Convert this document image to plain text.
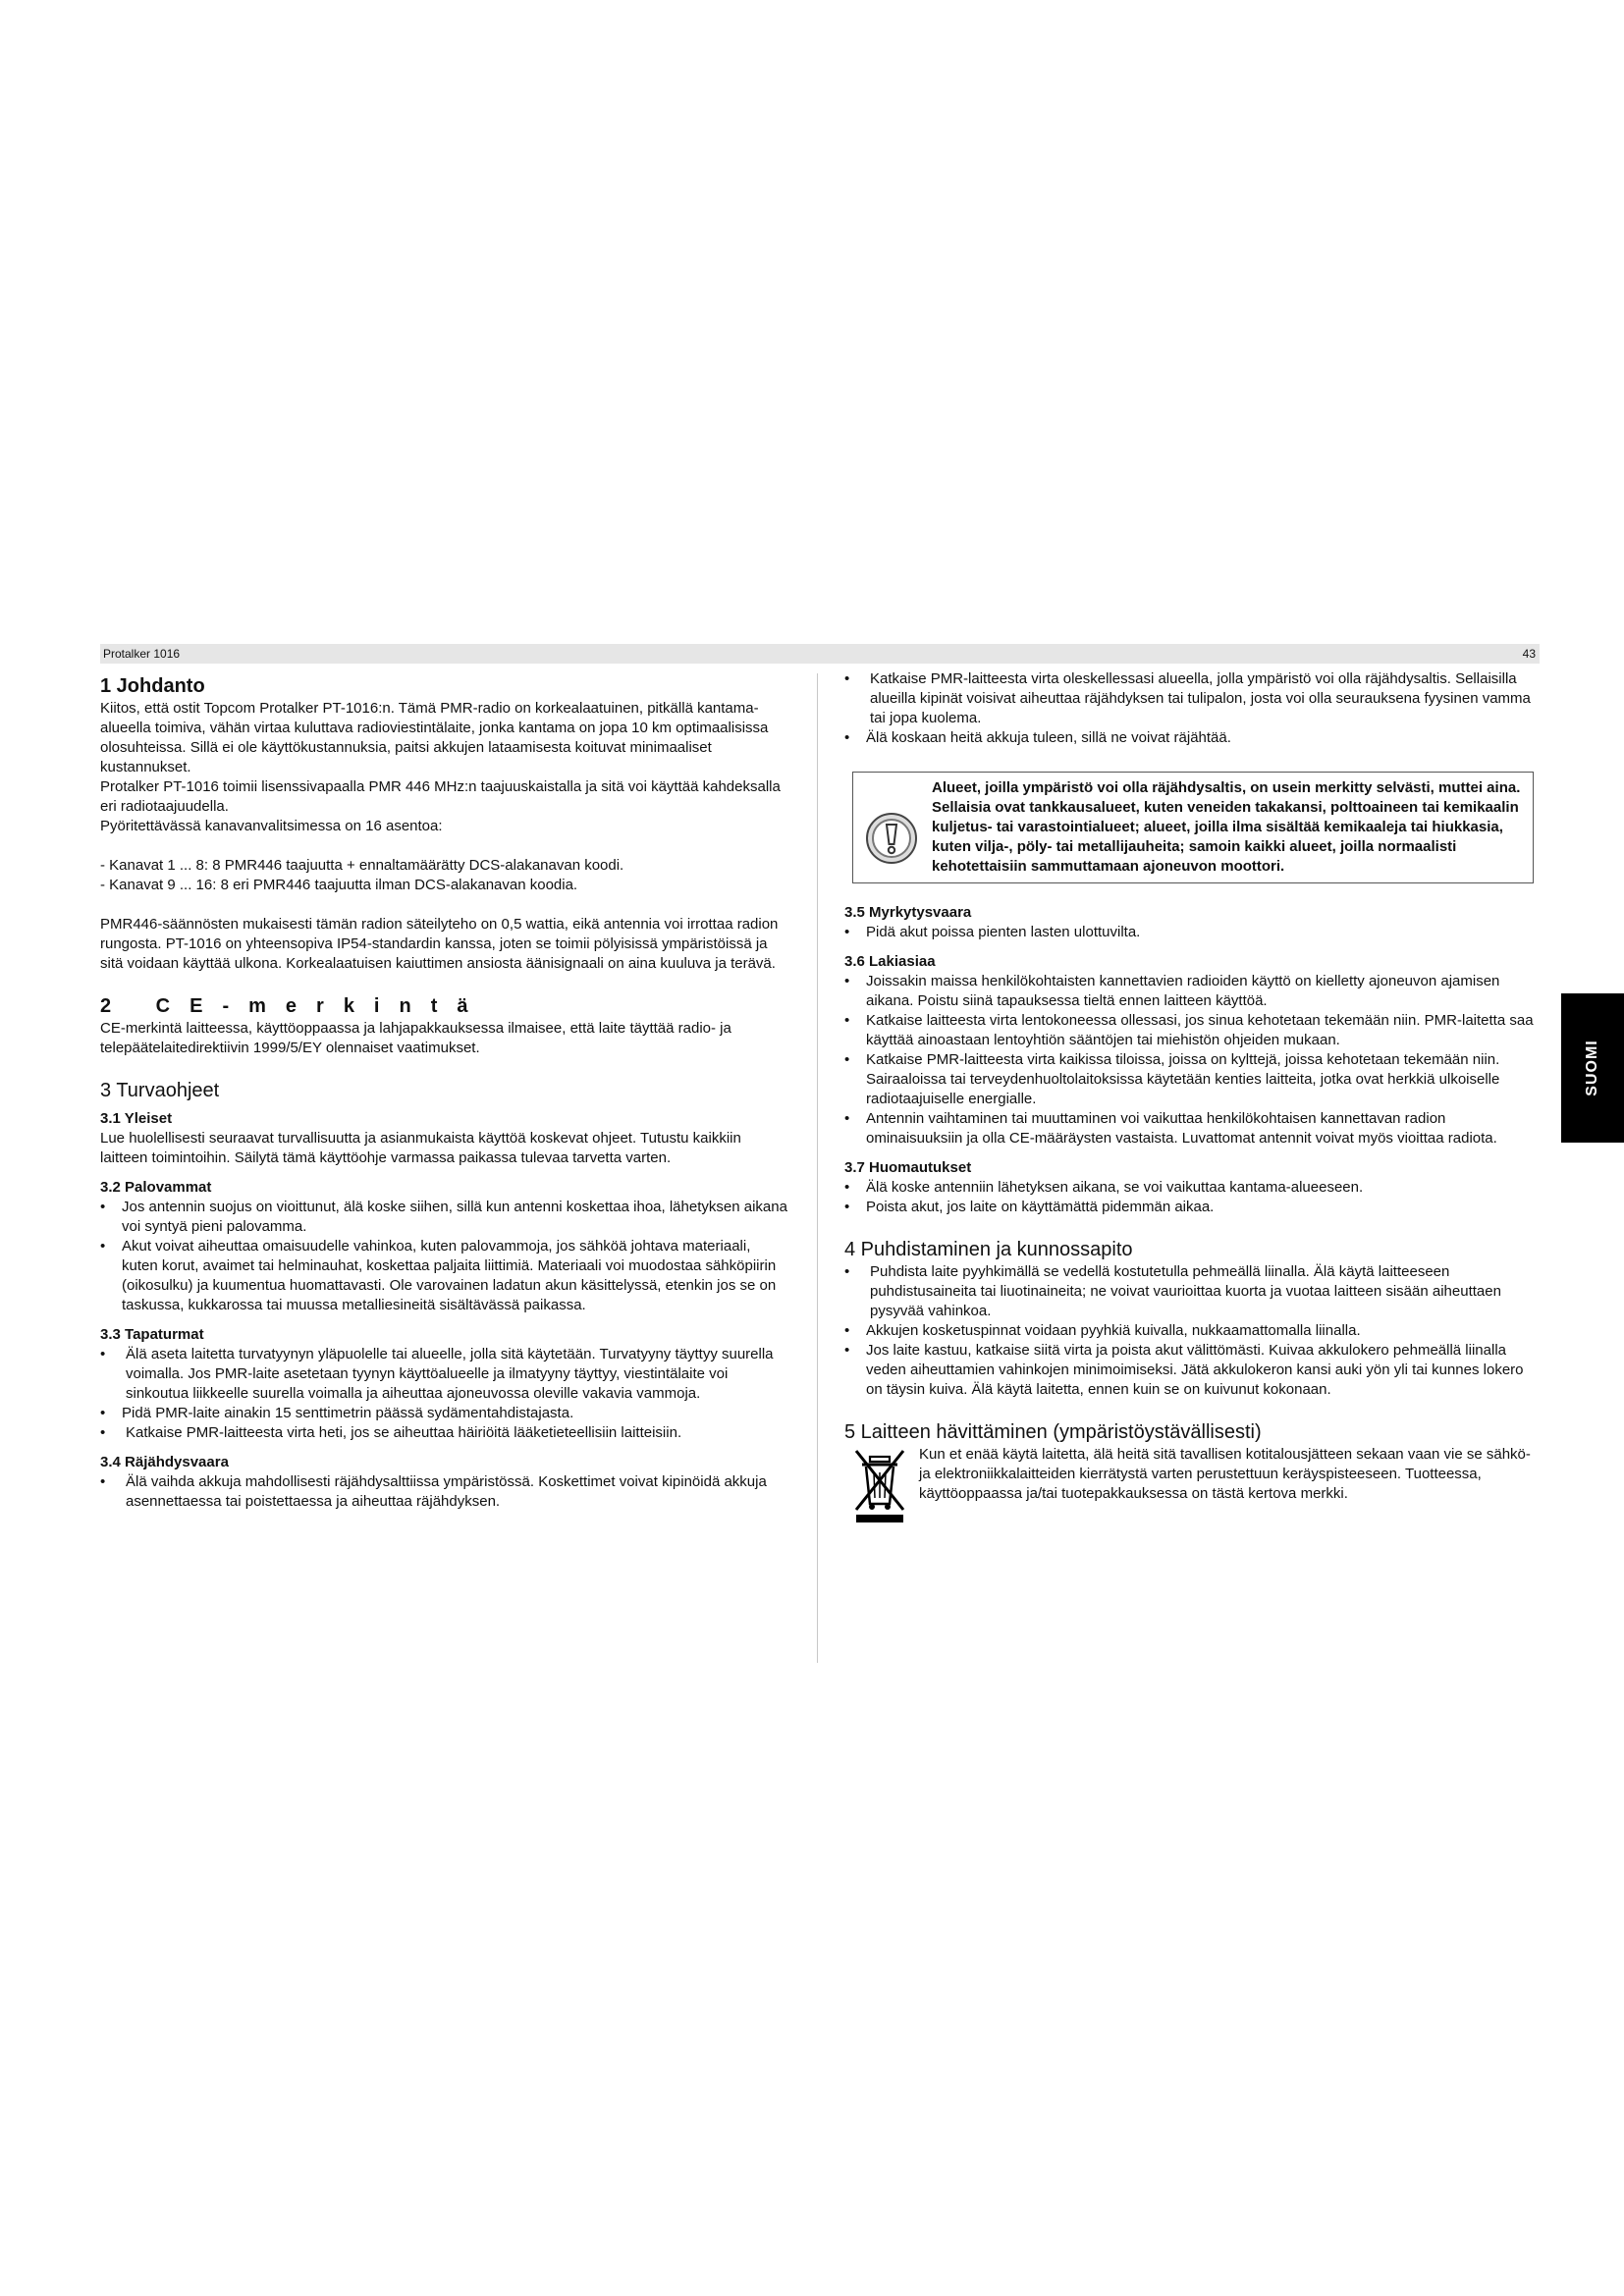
Protalker 1016	43
1 Johdanto

Kiitos, että ostit Topcom Protalker PT-1016:n. Tämä PMR-radio on korkealaatuinen, pitkällä kantama-alueella toimiva, vähän virtaa kuluttava radioviestintälaite, jonka kantama on jopa 10 km optimaalisissa olosuhteissa. Sillä ei ole käyttökustannuksia, paitsi akkujen lataamisesta koituvat minimaaliset kustannukset.

Protalker PT-1016 toimii lisenssivapaalla PMR 446 MHz:n taajuuskaistalla ja sitä voi käyttää kahdeksalla eri radiotaajuudella.

Pyöritettävässä kanavanvalitsimessa on 16 asentoa:

- Kanavat 1 ... 8: 8 PMR446 taajuutta + ennaltamäärätty DCS-alakanavan koodi.

- Kanavat 9 ... 16: 8 eri PMR446 taajuutta ilman DCS-alakanavan koodia.

PMR446-säännösten mukaisesti tämän radion säteilyteho on 0,5 wattia, eikä antennia voi irrottaa radion rungosta. PT-1016 on yhteensopiva IP54-standardin kanssa, joten se toimii pölyisissä ympäristöissä ja sitä voidaan käyttää ulkona. Korkealaatuisen kaiuttimen ansiosta äänisignaali on aina kuuluva ja terävä.

2 CE-merkintä

CE-merkintä laitteessa, käyttöoppaassa ja lahjapakkauksessa ilmaisee, että laite täyttää radio- ja telepäätelaitedirektiivin 1999/5/EY olennaiset vaatimukset.

3 Turvaohjeet
3.1 Yleiset

Lue huolellisesti seuraavat turvallisuutta ja asianmukaista käyttöä koskevat ohjeet. Tutustu kaikkiin laitteen toimintoihin. Säilytä tämä käyttöohje varmassa paikassa tulevaa tarvetta varten.

3.2 Palovammat
• Jos antennin suojus on vioittunut, älä koske siihen, sillä kun antenni koskettaa ihoa, lähetyksen aikana voi syntyä pieni palovamma.
• Akut voivat aiheuttaa omaisuudelle vahinkoa, kuten palovammoja, jos sähköä johtava materiaali, kuten korut, avaimet tai helminauhat, koskettaa paljaita liittimiä. Materiaali voi muodostaa sähköpiirin (oikosulku) ja kuumentua huomattavasti. Ole varovainen ladatun akun käsittelyssä, etenkin jos se on taskussa, kukkarossa tai muussa metalliesineitä sisältävässä paikassa.
3.3 Tapaturmat
• Älä aseta laitetta turvatyynyn yläpuolelle tai alueelle, jolla sitä käytetään. Turvatyyny täyttyy suurella voimalla. Jos PMR-laite asetetaan tyynyn käyttöalueelle ja ilmatyyny täyttyy, viestintälaite voi sinkoutua liikkeelle suurella voimalla ja aiheuttaa ajoneuvossa oleville vakavia vammoja.
• Pidä PMR-laite ainakin 15 senttimetrin päässä sydämentahdistajasta.
• Katkaise PMR-laitteesta virta heti, jos se aiheuttaa häiriöitä lääketieteellisiin laitteisiin.
3.4 Räjähdysvaara
• Älä vaihda akkuja mahdollisesti räjähdysalttiissa ympäristössä. Koskettimet voivat kipinöidä akkuja asennettaessa tai poistettaessa ja aiheuttaa räjähdyksen.
• Katkaise PMR-laitteesta virta oleskellessasi alueella, jolla ympäristö voi olla räjähdysaltis. Sellaisilla alueilla kipinät voisivat aiheuttaa räjähdyksen tai tulipalon, josta voi olla seurauksena fyysinen vamma tai jopa kuolema.
• Älä koskaan heitä akkuja tuleen, sillä ne voivat räjähtää.
Alueet, joilla ympäristö voi olla räjähdysaltis, on usein merkitty selvästi, muttei aina. Sellaisia ovat tankkausalueet, kuten veneiden takakansi, polttoaineen tai kemikaalin kuljetus- tai varastointialueet; alueet, joilla ilma sisältää kemikaaleja tai hiukkasia, kuten vilja-, pöly- tai metallijauheita; samoin kaikki alueet, joilla normaalisti kehotettaisiin sammuttamaan ajoneuvon moottori.
3.5 Myrkytysvaara
• Pidä akut poissa pienten lasten ulottuvilta.
3.6 Lakiasiaa
• Joissakin maissa henkilökohtaisten kannettavien radioiden käyttö on kielletty ajoneuvon ajamisen aikana. Poistu siinä tapauksessa tieltä ennen laitteen käyttöä.
• Katkaise laitteesta virta lentokoneessa ollessasi, jos sinua kehotetaan tekemään niin. PMR-laitetta saa käyttää ainoastaan lentoyhtiön sääntöjen tai miehistön ohjeiden mukaan.
• Katkaise PMR-laitteesta virta kaikissa tiloissa, joissa on kylttejä, joissa kehotetaan tekemään niin. Sairaaloissa tai terveydenhuoltolaitoksissa käytetään kenties laitteita, jotka ovat herkkiä ulkoiselle radiotaajuiselle energialle.
• Antennin vaihtaminen tai muuttaminen voi vaikuttaa henkilökohtaisen kannettavan radion ominaisuuksiin ja olla CE-määräysten vastaista. Luvattomat antennit voivat myös vioittaa radiota.
3.7 Huomautukset
• Älä koske antenniin lähetyksen aikana, se voi vaikuttaa kantama-alueeseen.
• Poista akut, jos laite on käyttämättä pidemmän aikaa.
4 Puhdistaminen ja kunnossapito
• Puhdista laite pyyhkimällä se vedellä kostutetulla pehmeällä liinalla. Älä käytä laitteeseen puhdistusaineita tai liuotinaineita; ne voivat vaurioittaa kuorta ja vuotaa laitteen sisään aiheuttaen pysyvää vahinkoa.
• Akkujen kosketuspinnat voidaan pyyhkiä kuivalla, nukkaamattomalla liinalla.
• Jos laite kastuu, katkaise siitä virta ja poista akut välittömästi. Kuivaa akkulokero pehmeällä liinalla veden aiheuttamien vahinkojen minimoimiseksi. Jätä akkulokeron kansi auki yön yli tai kunnes lokero on täysin kuiva. Älä käytä laitetta, ennen kuin se on kuivunut kokonaan.
5 Laitteen hävittäminen (ympäristöystävällisesti)

Kun et enää käytä laitetta, älä heitä sitä tavallisen kotitalousjätteen sekaan vaan vie se sähkö- ja elektroniikkalaitteiden kierrätystä varten perustettuun keräyspisteeseen. Tuotteessa, käyttöoppaassa ja/tai tuotepakkauksessa on tästä kertova merkki.

SUOMI
